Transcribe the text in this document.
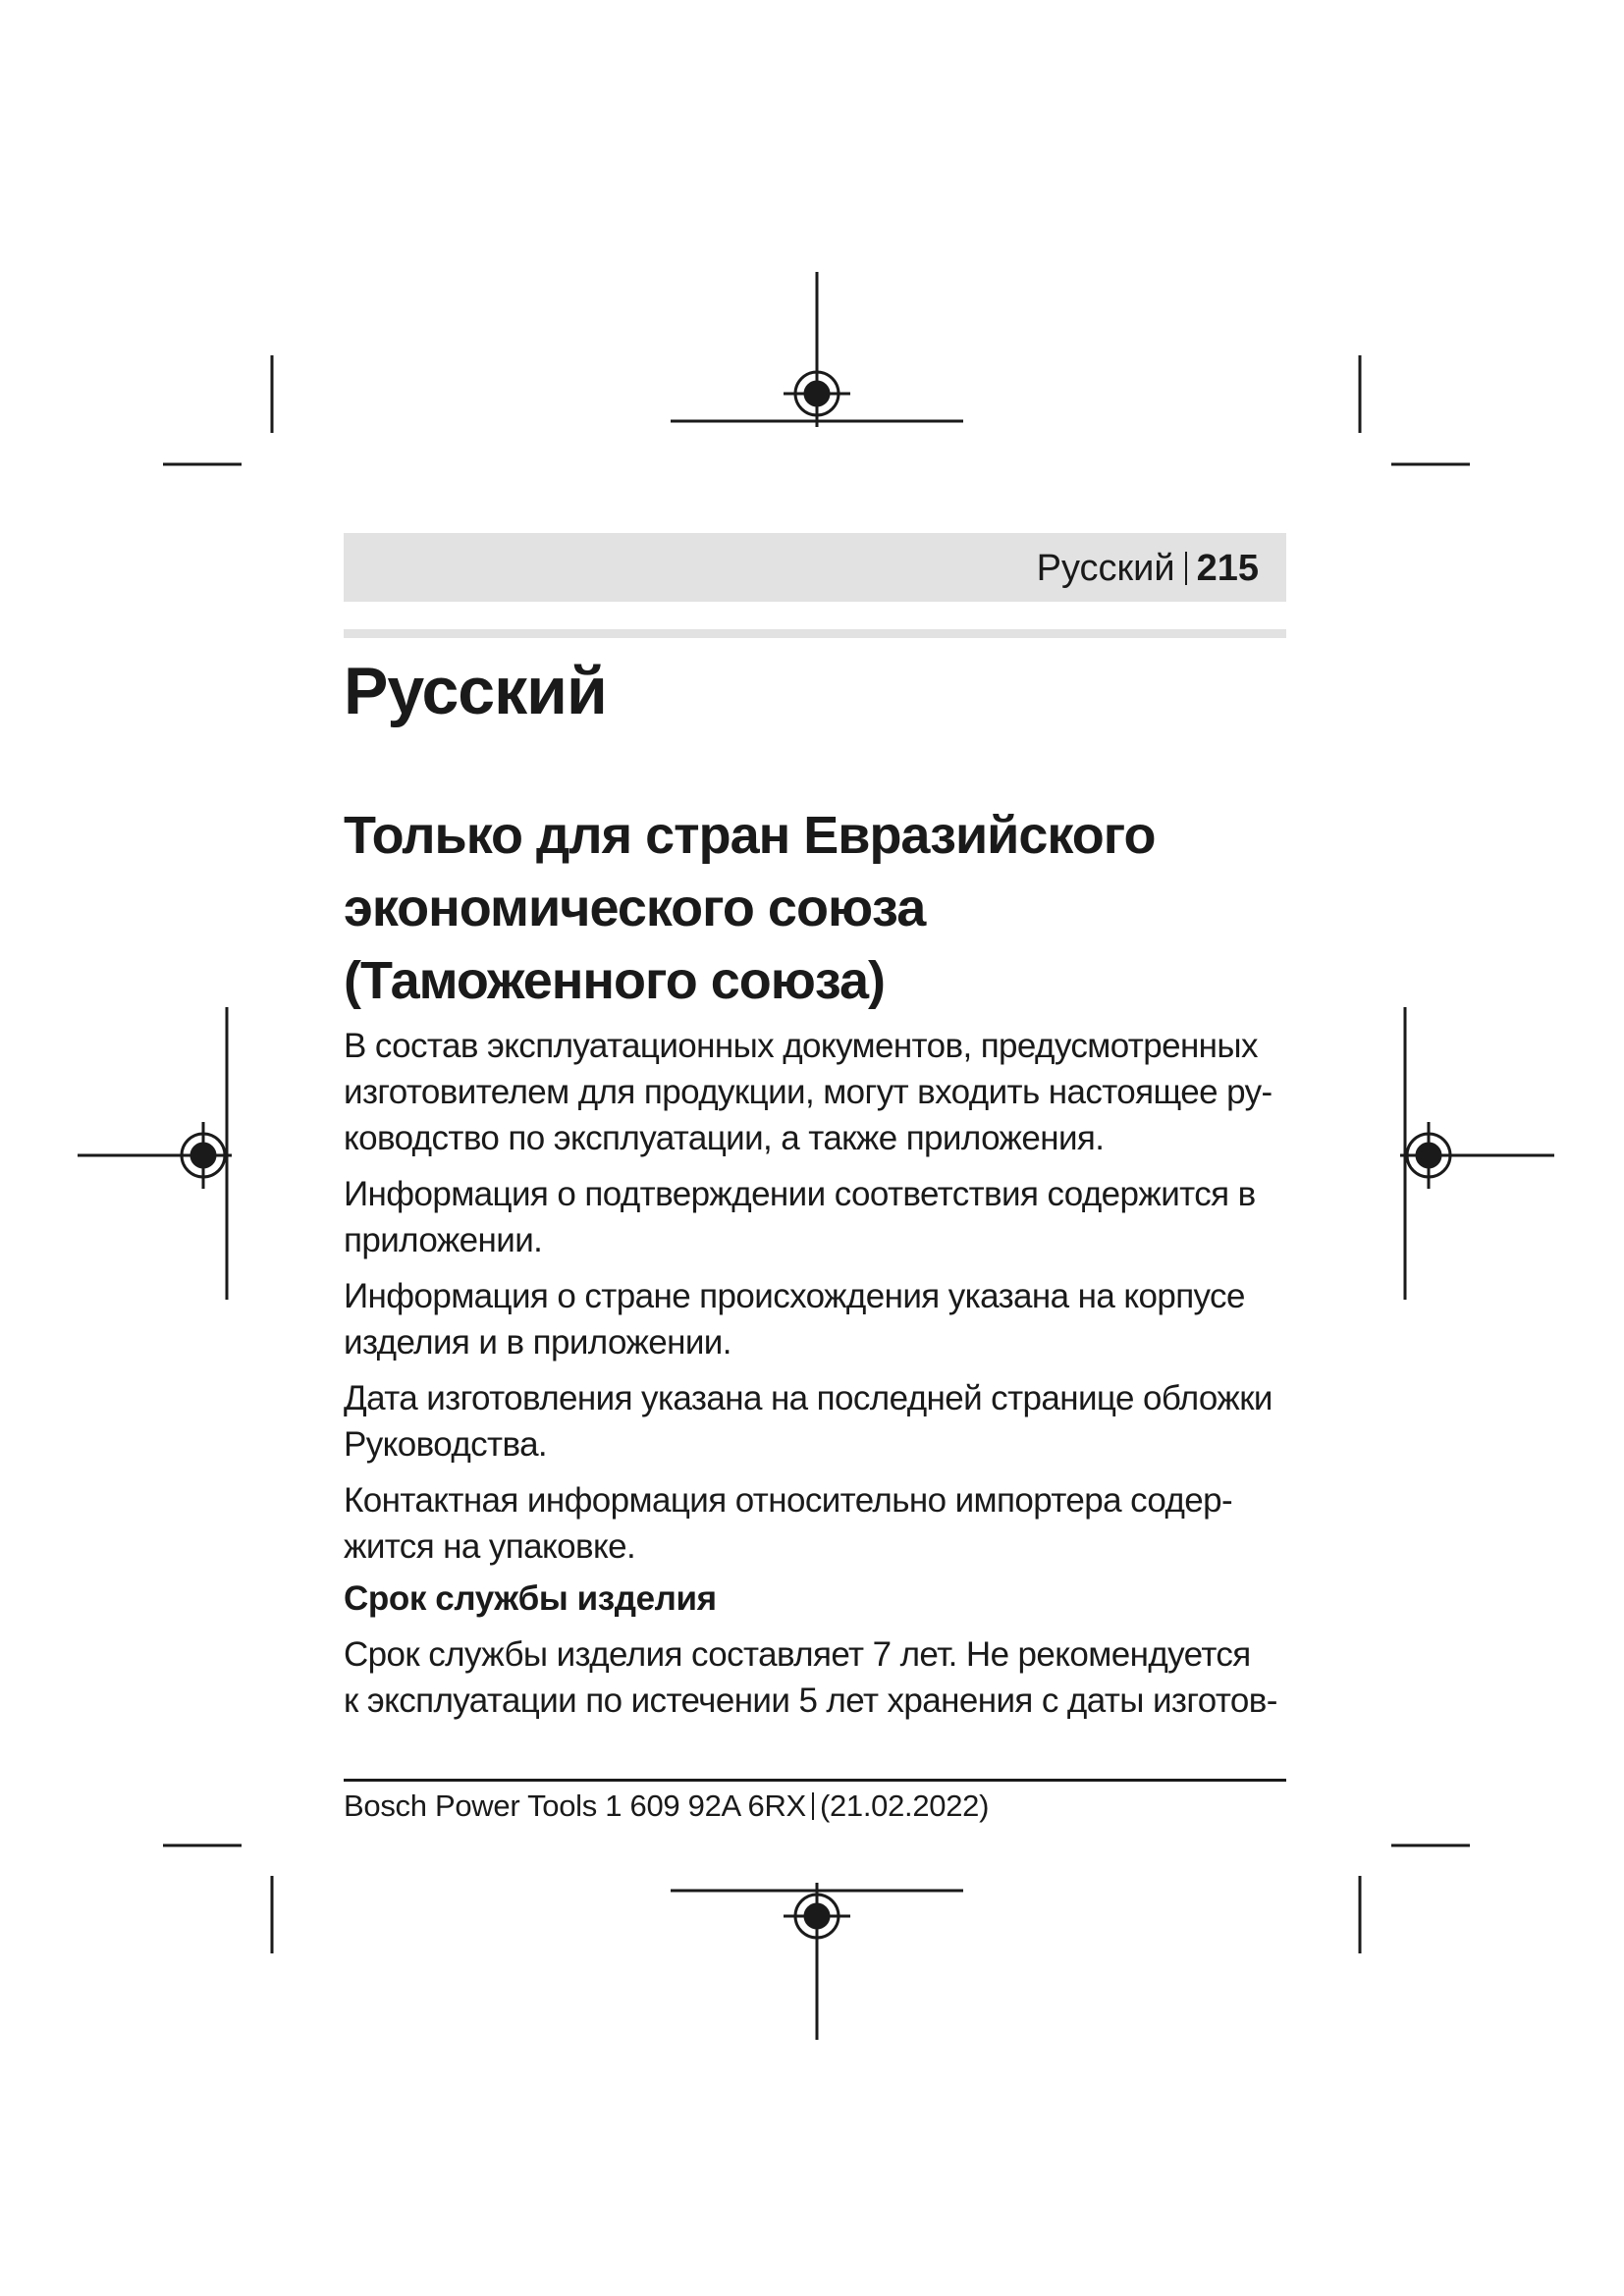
Русский 215
Русский
Только для стран Евразийского
экономического союза
(Таможенного союза)

В состав эксплуатационных документов, предусмотренных
изготовителем для продукции, могут входить настоящее ру-
ководство по эксплуатации, а также приложения.

Информация о подтверждении соответствия содержится в
приложении.

Информация о стране происхождения указана на корпусе
изделия и в приложении.

Дата изготовления указана на последней странице обложки
Руководства.

Контактная информация относительно импортера содер-
жится на упаковке.

Срок службы изделия

Срок службы изделия составляет 7 лет. Не рекомендуется
к эксплуатации по истечении 5 лет хранения с даты изготов-

Bosch Power Tools 1 609 92A 6RX (21.02.2022)
